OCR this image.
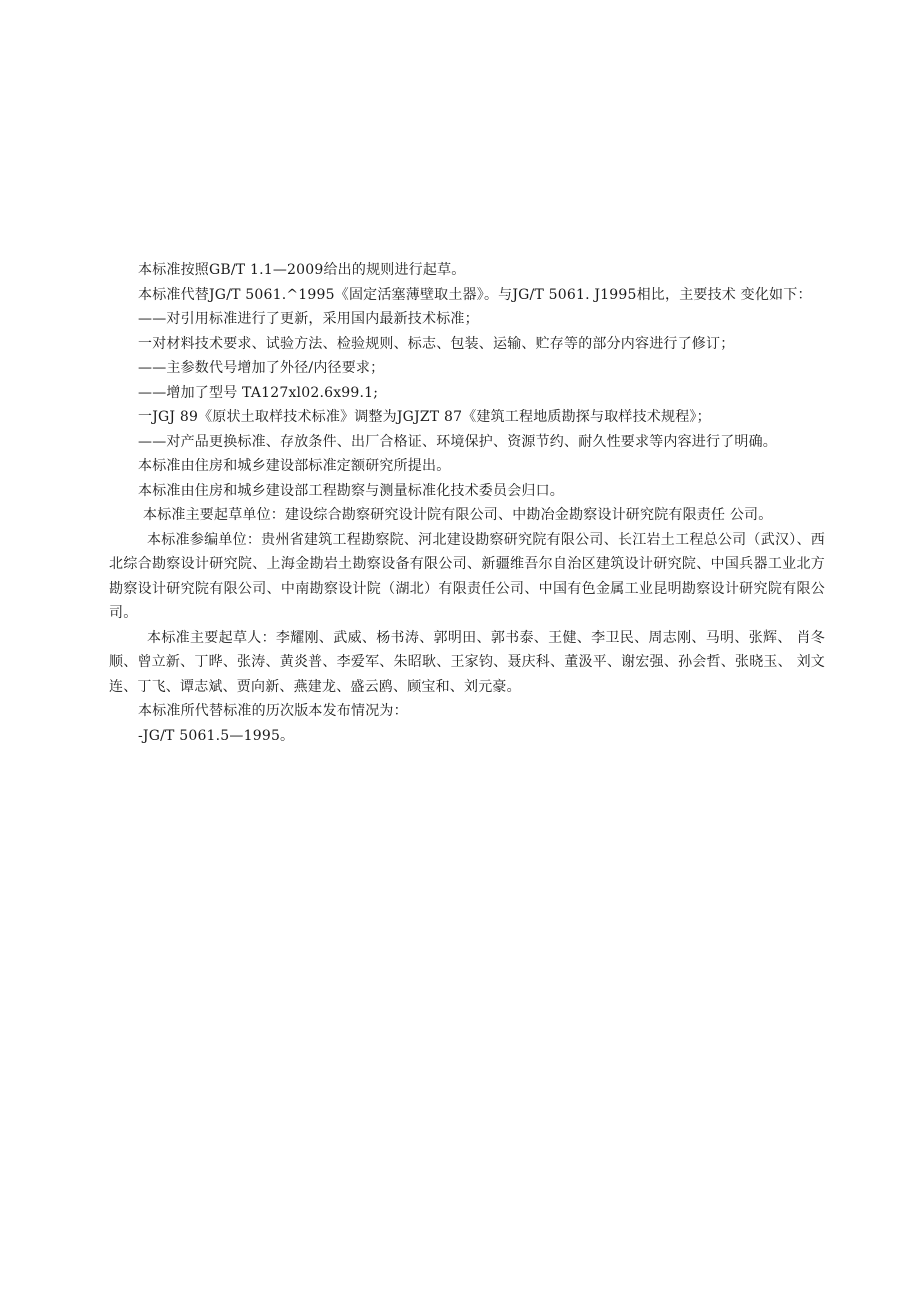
本标准按照GB/T 1.1—2009给出的规则进行起草。

本标准代替JG/T 5061.^1995《固定活塞薄壁取土器》。与JG/T 5061. J1995相比，主要技术 变化如下：

——对引用标准进行了更新，采用国内最新技术标准；

一对材料技术要求、试验方法、检验规则、标志、包装、运输、贮存等的部分内容进行了修订；

——主参数代号增加了外径/内径要求；

——增加了型号 TA127xl02.6x99.1;

一JGJ 89《原状土取样技术标准》调整为JGJZT 87《建筑工程地质勘探与取样技术规程》；

——对产品更换标准、存放条件、出厂合格证、环境保护、资源节约、耐久性要求等内容进行了明确。

本标准由住房和城乡建设部标准定额研究所提出。

本标准由住房和城乡建设部工程勘察与测量标准化技术委员会归口。

本标准主要起草单位：建设综合勘察研究设计院有限公司、中勘冶金勘察设计研究院有限责任 公司。

本标准参编单位：贵州省建筑工程勘察院、河北建设勘察研究院有限公司、长江岩土工程总公司（武汉）、西北综合勘察设计研究院、上海金勘岩土勘察设备有限公司、新疆维吾尔自治区建筑设计研究院、中国兵器工业北方勘察设计研究院有限公司、中南勘察设计院（湖北）有限责任公司、中国有色金属工业昆明勘察设计研究院有限公司。

本标准主要起草人：李耀刚、武威、杨书涛、郭明田、郭书泰、王健、李卫民、周志刚、马明、张辉、 肖冬顺、曾立新、丁晔、张涛、黄炎普、李爱军、朱昭耿、王家钧、聂庆科、董汲平、谢宏强、孙会哲、张晓玉、 刘文连、丁飞、谭志斌、贾向新、燕建龙、盛云鸥、顾宝和、刘元豪。

本标准所代替标准的历次版本发布情况为：

-JG/T 5061.5—1995。
